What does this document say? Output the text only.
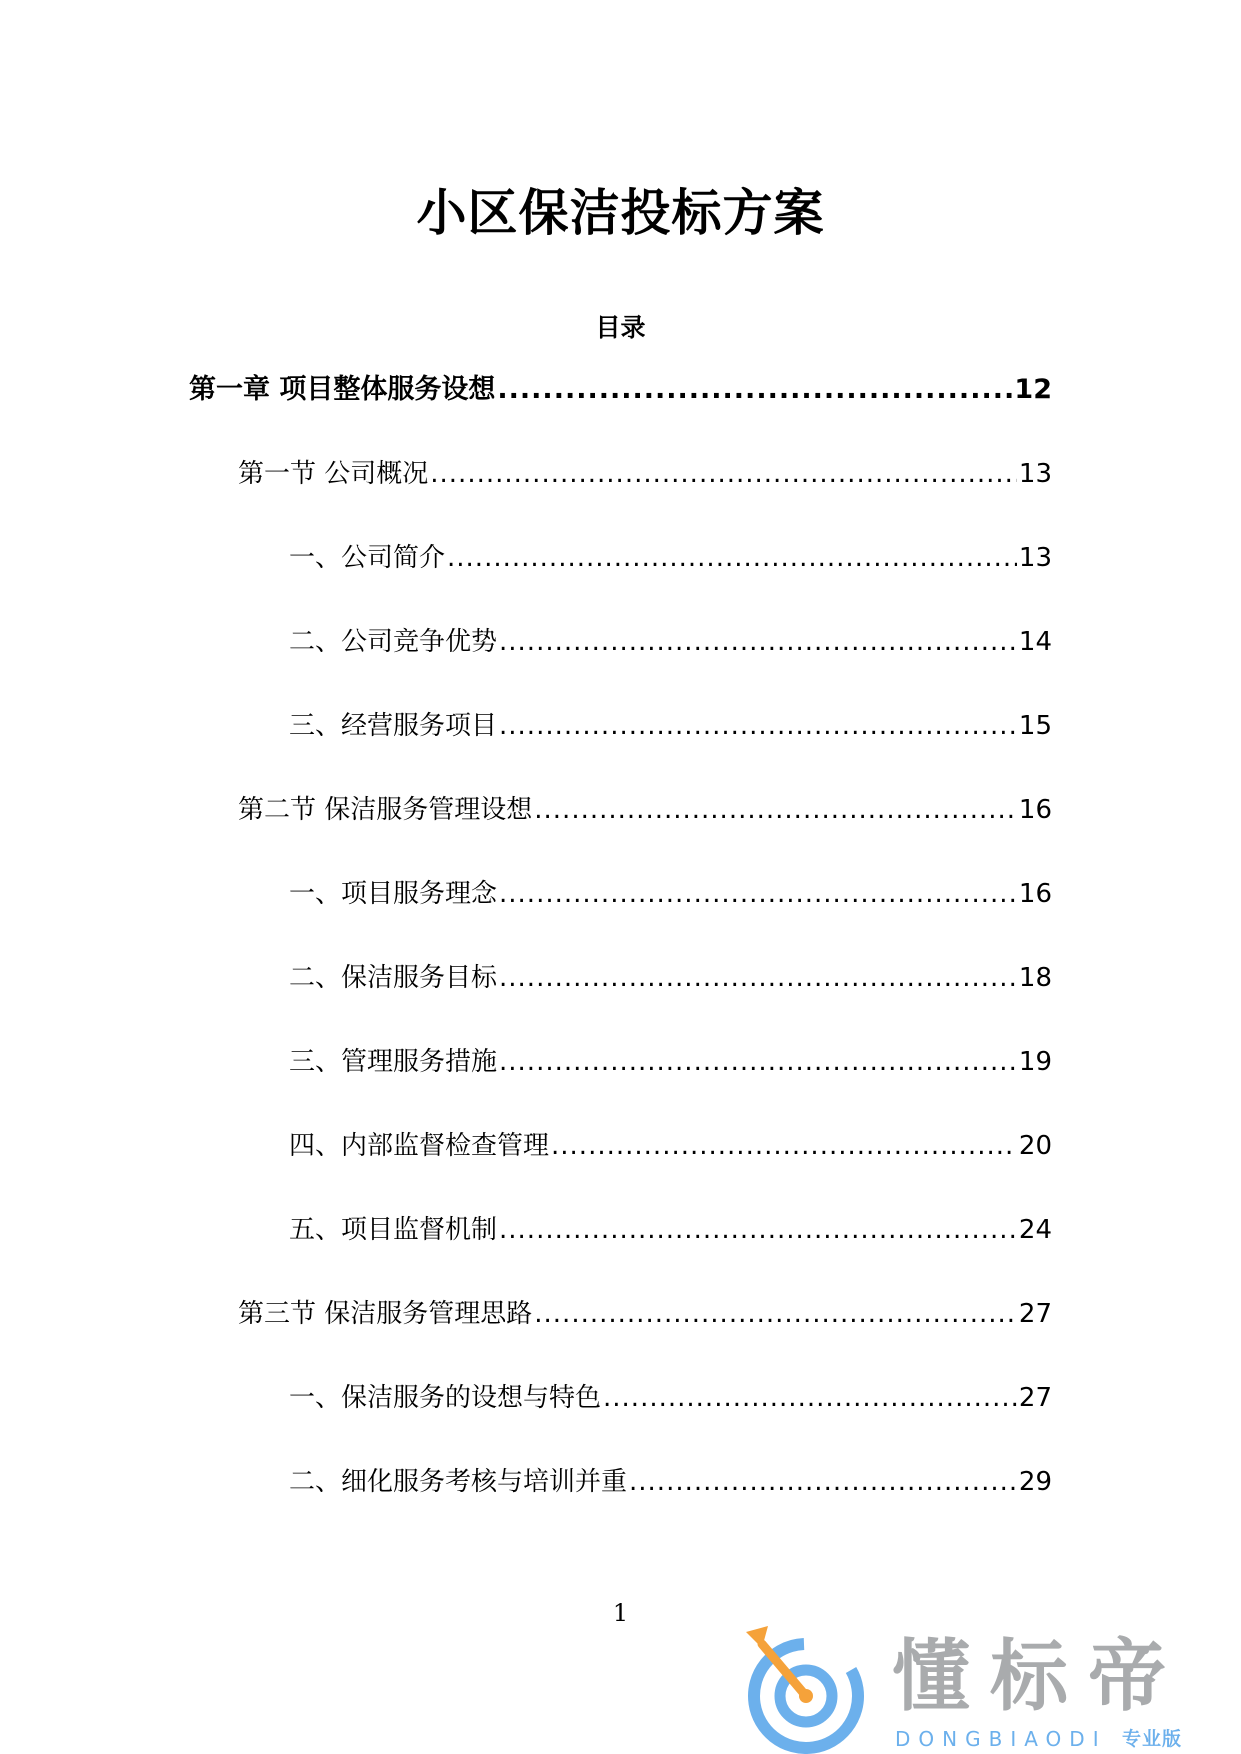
小区保洁投标方案
目录
第一章 项目整体服务设想 .....	12
第一节 公司概况 .....	13
一、公司简介 .....	13
二、公司竞争优势 .....	14
三、经营服务项目 .....	15
第二节 保洁服务管理设想 .....	16
一、项目服务理念 .....	16
二、保洁服务目标 .....	18
三、管理服务措施 .....	19
四、内部监督检查管理 .....	20
五、项目监督机制 .....	24
第三节 保洁服务管理思路 .....	27
一、保洁服务的设想与特色 .....	27
二、细化服务考核与培训并重 .....	29
1
懂标帝
DONGBIAODI 专业版
